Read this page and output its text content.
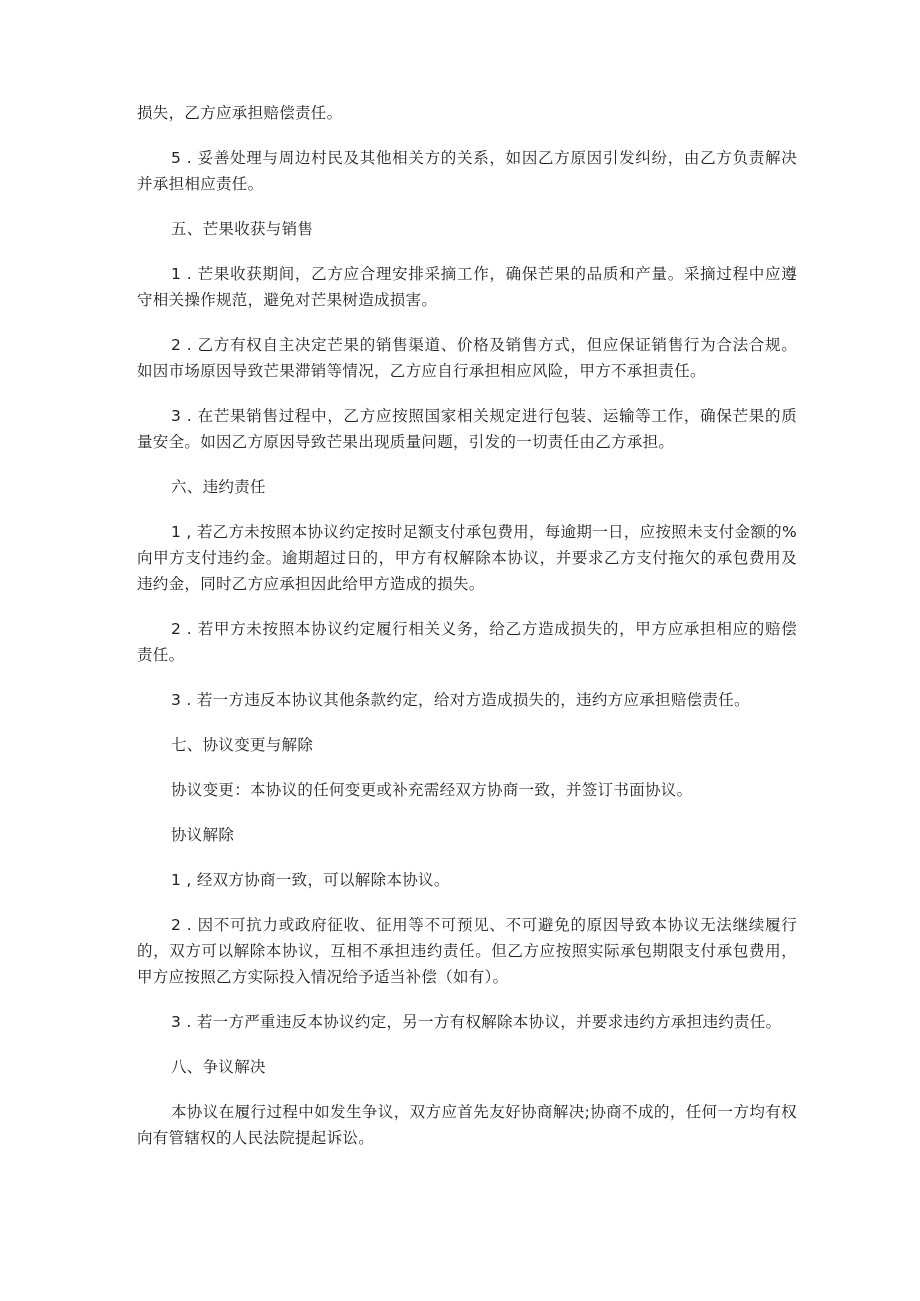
损失，乙方应承担赔偿责任。

5 . 妥善处理与周边村民及其他相关方的关系，如因乙方原因引发纠纷，由乙方负责解决并承担相应责任。

五、芒果收获与销售

1 . 芒果收获期间，乙方应合理安排采摘工作，确保芒果的品质和产量。采摘过程中应遵守相关操作规范，避免对芒果树造成损害。

2 . 乙方有权自主决定芒果的销售渠道、价格及销售方式，但应保证销售行为合法合规。如因市场原因导致芒果滞销等情况，乙方应自行承担相应风险，甲方不承担责任。

3 . 在芒果销售过程中，乙方应按照国家相关规定进行包装、运输等工作，确保芒果的质量安全。如因乙方原因导致芒果出现质量问题，引发的一切责任由乙方承担。

六、违约责任

1 , 若乙方未按照本协议约定按时足额支付承包费用，每逾期一日，应按照未支付金额的%向甲方支付违约金。逾期超过日的，甲方有权解除本协议，并要求乙方支付拖欠的承包费用及违约金，同时乙方应承担因此给甲方造成的损失。

2 . 若甲方未按照本协议约定履行相关义务，给乙方造成损失的，甲方应承担相应的赔偿责任。

3 . 若一方违反本协议其他条款约定，给对方造成损失的，违约方应承担赔偿责任。

七、协议变更与解除

协议变更：本协议的任何变更或补充需经双方协商一致，并签订书面协议。

协议解除

1 , 经双方协商一致，可以解除本协议。

2 . 因不可抗力或政府征收、征用等不可预见、不可避免的原因导致本协议无法继续履行的，双方可以解除本协议，互相不承担违约责任。但乙方应按照实际承包期限支付承包费用，甲方应按照乙方实际投入情况给予适当补偿（如有）。

3 . 若一方严重违反本协议约定，另一方有权解除本协议，并要求违约方承担违约责任。

八、争议解决

本协议在履行过程中如发生争议，双方应首先友好协商解决;协商不成的，任何一方均有权向有管辖权的人民法院提起诉讼。
